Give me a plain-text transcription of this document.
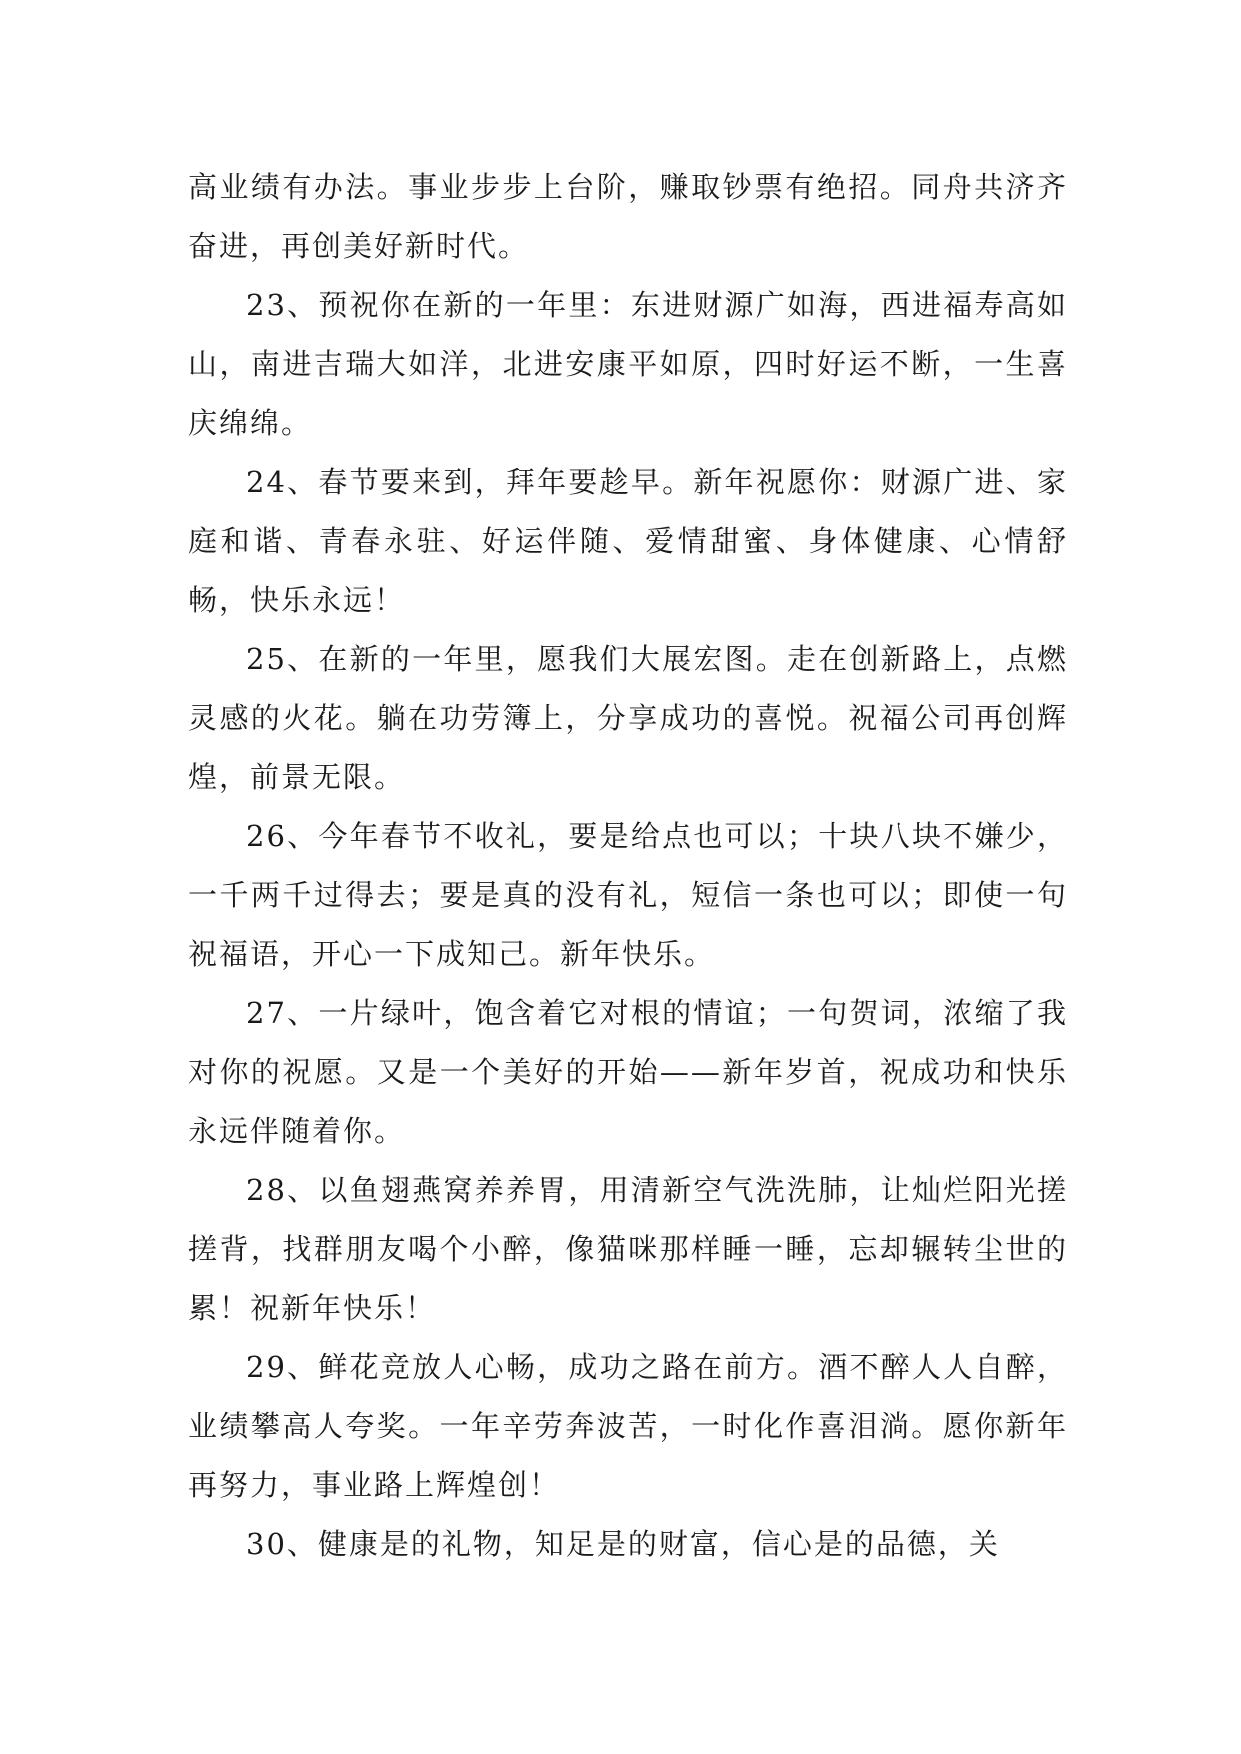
高业绩有办法。事业步步上台阶，赚取钞票有绝招。同舟共济齐奋进，再创美好新时代。

23、预祝你在新的一年里：东进财源广如海，西进福寿高如山，南进吉瑞大如洋，北进安康平如原，四时好运不断，一生喜庆绵绵。

24、春节要来到，拜年要趁早。新年祝愿你：财源广进、家庭和谐、青春永驻、好运伴随、爱情甜蜜、身体健康、心情舒畅，快乐永远！

25、在新的一年里，愿我们大展宏图。走在创新路上，点燃灵感的火花。躺在功劳簿上，分享成功的喜悦。祝福公司再创辉煌，前景无限。

26、今年春节不收礼，要是给点也可以；十块八块不嫌少，一千两千过得去；要是真的没有礼，短信一条也可以；即使一句祝福语，开心一下成知己。新年快乐。

27、一片绿叶，饱含着它对根的情谊；一句贺词，浓缩了我对你的祝愿。又是一个美好的开始——新年岁首，祝成功和快乐永远伴随着你。

28、以鱼翅燕窝养养胃，用清新空气洗洗肺，让灿烂阳光搓搓背，找群朋友喝个小醉，像猫咪那样睡一睡，忘却辗转尘世的累！祝新年快乐！

29、鲜花竞放人心畅，成功之路在前方。酒不醉人人自醉，业绩攀高人夸奖。一年辛劳奔波苦，一时化作喜泪淌。愿你新年再努力，事业路上辉煌创！

30、健康是的礼物，知足是的财富，信心是的品德，关
